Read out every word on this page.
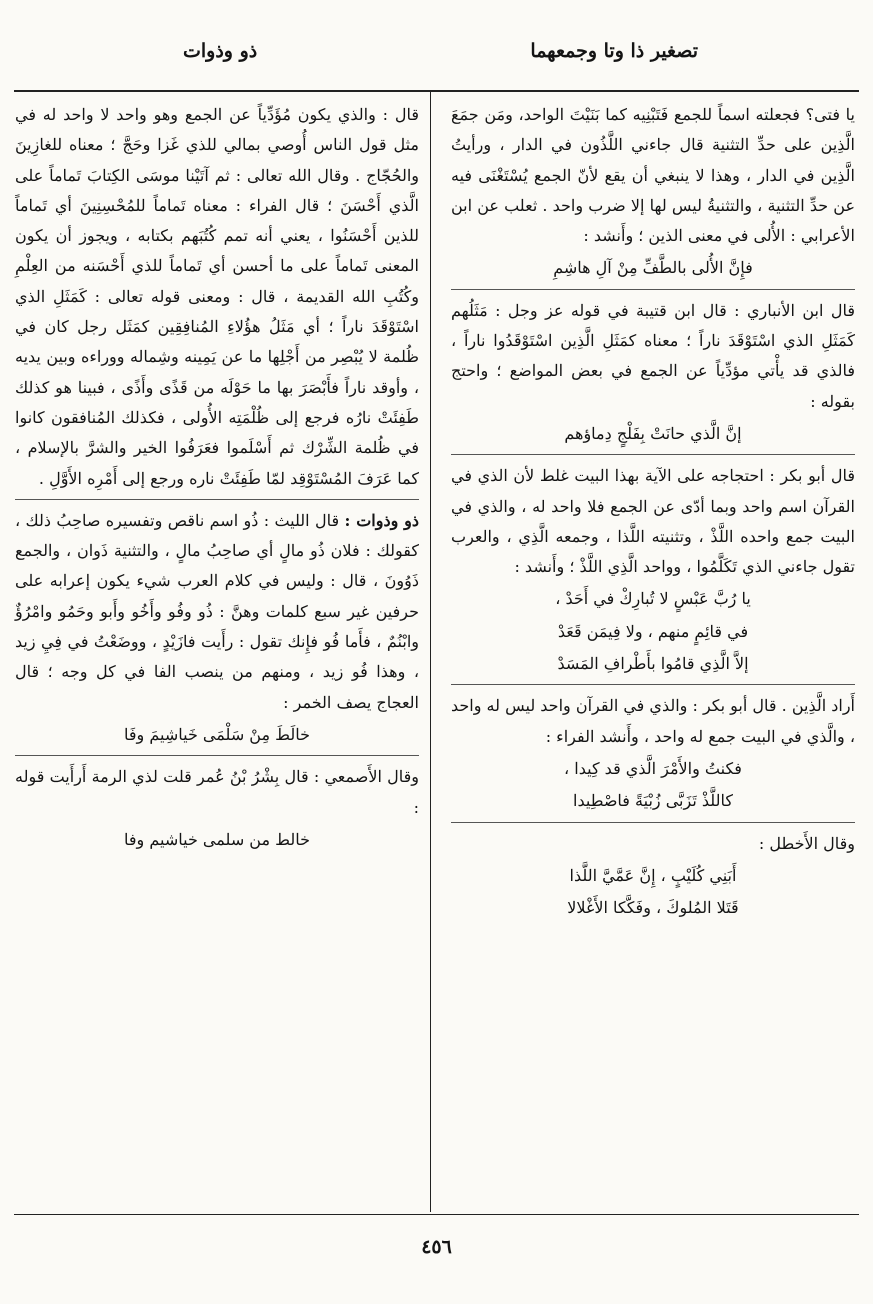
تصغير ذا وتا وجمعهما
ذو وذوات

يا فتى؟ فجعلته اسماً للجمع فَتَبْنِيه كما بَنَيْتَ الواحد، ومَن جمَعَ الَّذِين على حدِّ التثنية قال جاءني اللَّذُون في الدار ، ورأيتُ الَّذِين في الدار ، وهذا لا ينبغي أن يقع لأنّ الجمع يُسْتَغْنَى فيه عن حدِّ التثنية ، والتثنيةُ ليس لها إلا ضرب واحد . ثعلب عن ابن الأعرابي : الأُلى في معنى الذين ؛ وأَنشد :

فإِنَّ الأُلى بالطَّفِّ مِنْ آلِ هاشِمِ

قال ابن الأنباري : قال ابن قتيبة في قوله عز وجل : مَثَلُهم كَمَثَلِ الذي اسْتَوْقَدَ ناراً ؛ معناه كمَثَلِ الَّذِين اسْتَوْقَدُوا ناراً ، فالذي قد يأْتي مؤدِّياً عن الجمع في بعض المواضع ؛ واحتج بقوله :

إنَّ الَّذي حانَتْ بِفَلْجٍ دِماؤهم

قال أبو بكر : احتجاجه على الآية بهذا البيت غلط لأن الذي في القرآن اسم واحد وبما أدّى عن الجمع فلا واحد له ، والذي في البيت جمع واحده اللَّذْ ، وتثنيته اللَّذا ، وجمعه الَّذِي ، والعرب تقول جاءني الذي تَكَلَّمُوا ، وواحد الَّذِي اللَّذْ ؛ وأَنشد :

يا رُبَّ عَبْسٍ لا تُبارِكْ في أَحَدْ ،

في قائِمٍ منهم ، ولا فِيمَن قَعَدْ

إلاَّ الَّذِي قامُوا بأَطْرافِ المَسَدْ

أَراد الَّذِين . قال أبو بكر : والذي في القرآن واحد ليس له واحد ، والَّذي في البيت جمع له واحد ، وأَنشد الفراء :

فكنتُ والأَمْرَ الَّذي قد كِيدا ،

كاللَّذْ تَزَبَّى زُبْيَةً فاصْطِيدا

وقال الأَخطل :

أَبَنِي كُلَيْبٍ ، إِنَّ عَمَّيَّ اللَّذا

قَتَلا المُلوكَ ، وفَكَّكا الأَغْلالا

قال : والذي يكون مُؤَدِّياً عن الجمع وهو واحد لا واحد له في مثل قول الناس أُوصي بمالي للذي غَزا وحَجَّ ؛ معناه للغازِينَ والحُجّاج . وقال الله تعالى : ثم آتَيْنا موسَى الكِتابَ تَماماً على الَّذي أَحْسَنَ ؛ قال الفراء : معناه تَماماً للمُحْسِنِينَ أي تَماماً للذين أَحْسَنُوا ، يعني أنه تمم كُتُبَهم بكتابه ، ويجوز أن يكون المعنى تَماماً على ما أحسن أي تَماماً للذي أَحْسَنه من العِلْمِ وكُتُبِ الله القديمة ، قال : ومعنى قوله تعالى : كَمَثَلِ الذي اسْتَوْقَدَ ناراً ؛ أي مَثَلُ هؤُلاءِ المُنافِقِين كمَثَل رجل كان في ظُلمة لا يُبْصِر من أَجْلِها ما عن يَمِينه وشِماله ووراءه وبين يديه ، وأوقد ناراً فأَبْصَرَ بها ما حَوْلَه من قَذًى وأَذًى ، فبينا هو كذلك طَفِئَتْ نارُه فرجع إلى ظُلْمَتِه الأُولى ، فكذلك المُنافقون كانوا في ظُلمة الشِّرْك ثم أَسْلَموا فعَرَفُوا الخير والشرَّ بالإسلام ، كما عَرَفَ المُسْتَوْقِد لمّا طَفِئَتْ ناره ورجع إلى أَمْرِه الأَوَّلِ .

ذو وذوات : قال الليث : ذُو اسم ناقص وتفسيره صاحِبُ ذلك ، كقولك : فلان ذُو مالٍ أي صاحِبُ مالٍ ، والتثنية ذَوان ، والجمع ذَوُونَ ، قال : وليس في كلام العرب شيء يكون إعرابه على حرفين غير سبع كلمات وهنَّ : ذُو وفُو وأَخُو وأَبو وحَمُو وامْرُؤٌ وابْنُمٌ ، فأَما فُو فإِنك تقول : رأَيت فازَيْدٍ ، ووضَعْتُ في فِيِ زيد ، وهذا فُو زيد ، ومنهم من ينصب الفا في كل وجه ؛ قال العجاج يصف الخمر :

خالَطَ مِنْ سَلْمَى خَياشِيمَ وفَا

وقال الأَصمعي : قال بِشْرُ بْنُ عُمر قلت لذي الرمة أَرأَيت قوله :

خالط من سلمى خياشيم وفا

٤٥٦
